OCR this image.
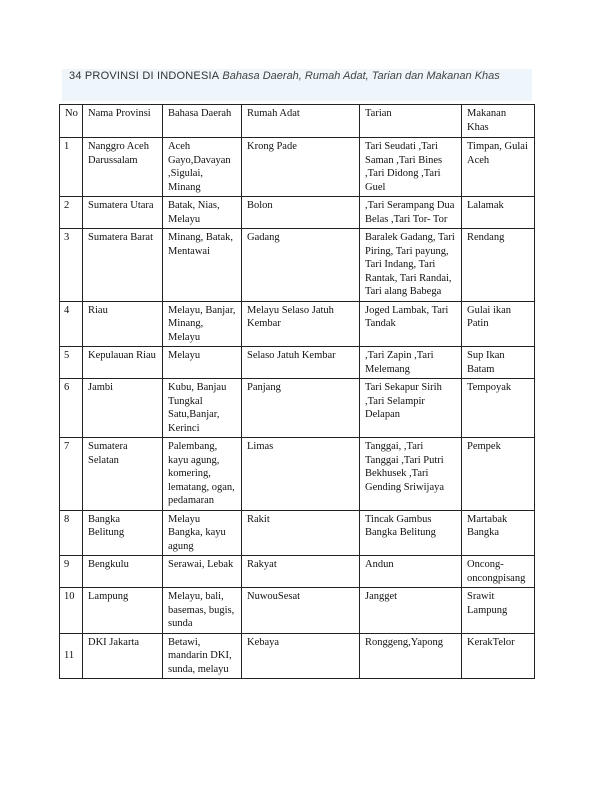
34 PROVINSI DI INDONESIA Bahasa Daerah, Rumah Adat, Tarian dan Makanan Khas
No	Nama Provinsi	Bahasa Daerah	Rumah Adat	Tarian	Makanan Khas
1	Nanggro Aceh Darussalam	Aceh Gayo,Davayan ,Sigulai, Minang	Krong Pade	Tari Seudati ,Tari Saman ,Tari Bines ,Tari Didong ,Tari Guel	Timpan, Gulai Aceh
2	Sumatera Utara	Batak, Nias, Melayu	Bolon	,Tari Serampang Dua Belas ,Tari Tor- Tor	Lalamak
3	Sumatera Barat	Minang, Batak, Mentawai	Gadang	Baralek Gadang, Tari Piring, Tari payung, Tari Indang, Tari Rantak, Tari Randai, Tari alang Babega	Rendang
4	Riau	Melayu, Banjar, Minang, Melayu	Melayu Selaso Jatuh Kembar	Joged Lambak, Tari Tandak	Gulai ikan Patin
5	Kepulauan Riau	Melayu	Selaso Jatuh Kembar	,Tari Zapin ,Tari Melemang	Sup Ikan Batam
6	Jambi	Kubu, Banjau Tungkal Satu,Banjar, Kerinci	Panjang	Tari Sekapur Sirih ,Tari Selampir Delapan	Tempoyak
7	Sumatera Selatan	Palembang, kayu agung, komering, lematang, ogan, pedamaran	Limas	Tanggai, ,Tari Tanggai ,Tari Putri Bekhusek ,Tari Gending Sriwijaya	Pempek
8	Bangka Belitung	Melayu Bangka, kayu agung	Rakit	Tincak Gambus Bangka Belitung	Martabak Bangka
9	Bengkulu	Serawai, Lebak	Rakyat	Andun	Oncong-oncongpisang
10	Lampung	Melayu, bali, basemas, bugis, sunda	NuwouSesat	Jangget	Srawit Lampung
11	DKI Jakarta	Betawi, mandarin DKI, sunda, melayu	Kebaya	Ronggeng,Yapong	KerakTelor
